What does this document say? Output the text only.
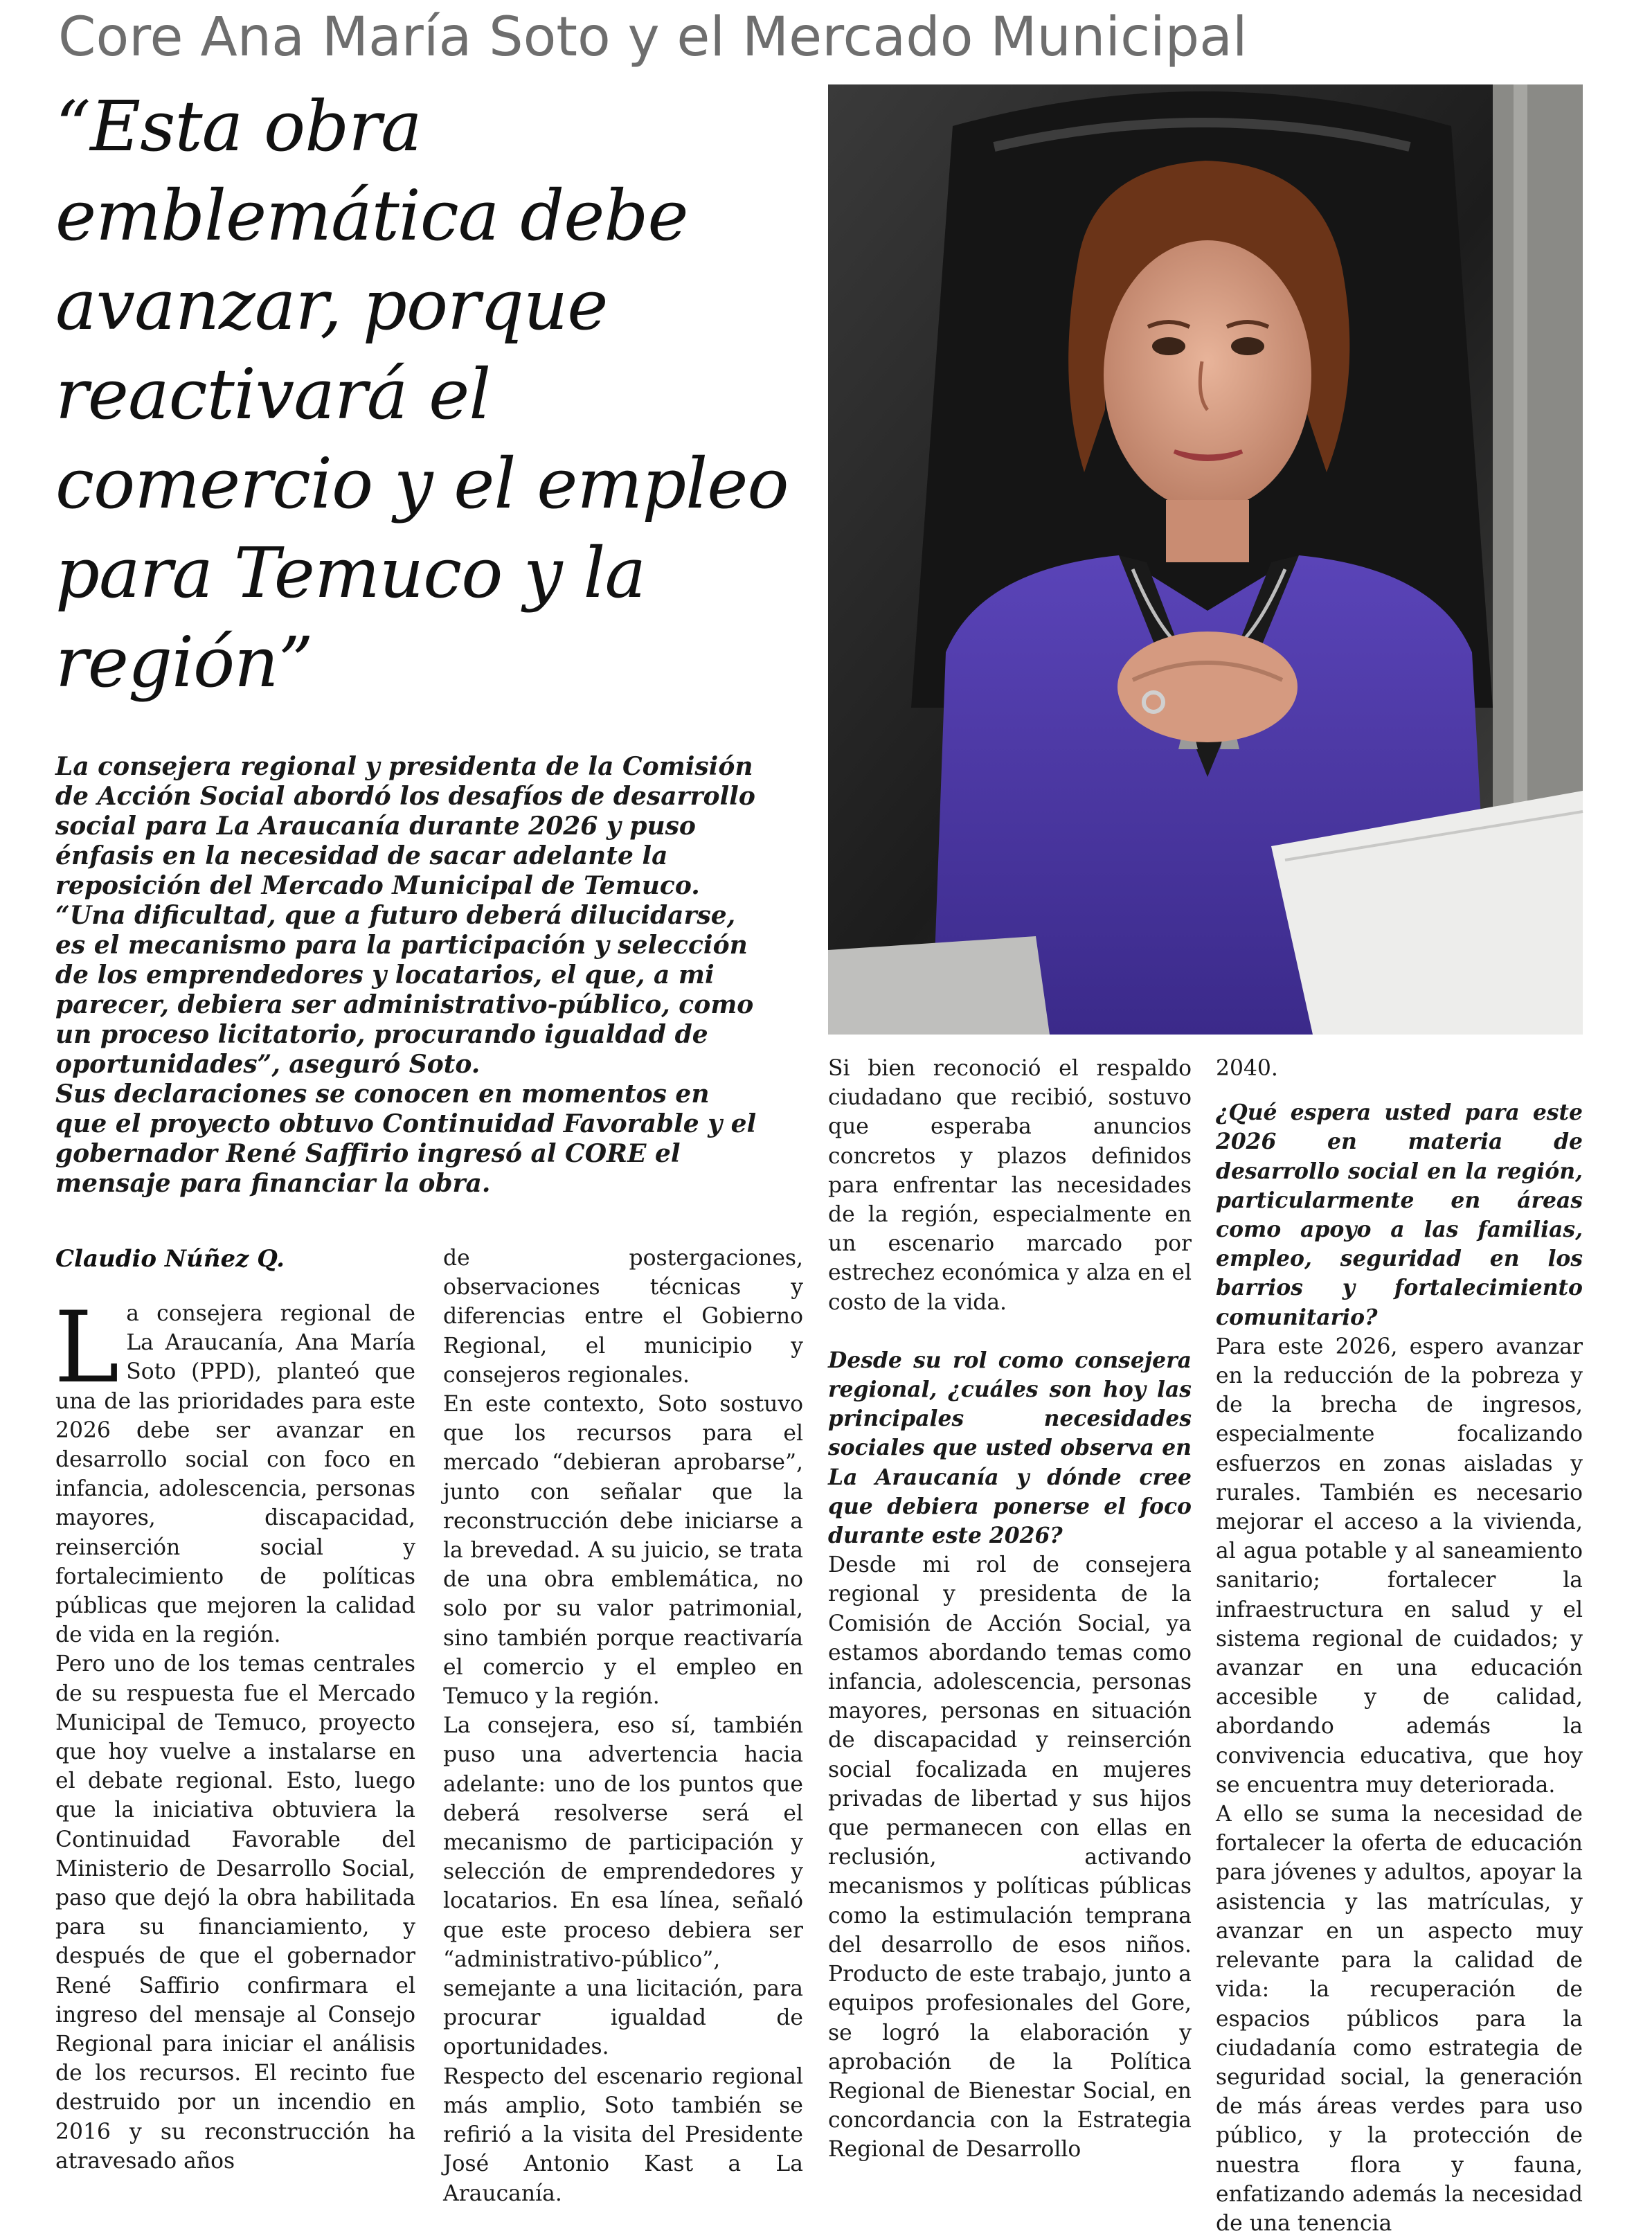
Core Ana María Soto y el Mercado Municipal
“Esta obra
emblemática debe
avanzar, porque
reactivará el
comercio y el empleo
para Temuco y la
región”

La consejera regional y presidenta de la Comisión de Acción Social abordó los desafíos de desarrollo social para La Araucanía durante 2026 y puso énfasis en la necesidad de sacar adelante la reposición del Mercado Municipal de Temuco.

“Una dificultad, que a futuro deberá dilucidarse, es el mecanismo para la participación y selección de los emprendedores y locatarios, el que, a mi parecer, debiera ser administrativo-público, como un proceso licitatorio, procurando igualdad de oportunidades”, aseguró Soto.

Sus declaraciones se conocen en momentos en que el proyecto obtuvo Continuidad Favorable y el gobernador René Saffirio ingresó al CORE el mensaje para financiar la obra.

Claudio Núñez Q.

La consejera regional de La Araucanía, Ana María Soto (PPD), planteó que una de las prioridades para este 2026 debe ser avanzar en desarrollo social con foco en infancia, adolescencia, personas mayores, discapacidad, reinserción social y fortalecimiento de políticas públicas que mejoren la calidad de vida en la región.

Pero uno de los temas centrales de su respuesta fue el Mercado Municipal de Temuco, proyecto que hoy vuelve a instalarse en el debate regional. Esto, luego que la iniciativa obtuviera la Continuidad Favorable del Ministerio de Desarrollo Social, paso que dejó la obra habilitada para su financiamiento, y después de que el gobernador René Saffirio confirmara el ingreso del mensaje al Consejo Regional para iniciar el análisis de los recursos. El recinto fue destruido por un incendio en 2016 y su reconstrucción ha atravesado años

de postergaciones, observaciones técnicas y diferencias entre el Gobierno Regional, el municipio y consejeros regionales.

En este contexto, Soto sostuvo que los recursos para el mercado “debieran aprobarse”, junto con señalar que la reconstrucción debe iniciarse a la brevedad. A su juicio, se trata de una obra emblemática, no solo por su valor patrimonial, sino también porque reactivaría el comercio y el empleo en Temuco y la región.

La consejera, eso sí, también puso una advertencia hacia adelante: uno de los puntos que deberá resolverse será el mecanismo de participación y selección de emprendedores y locatarios. En esa línea, señaló que este proceso debiera ser “administrativo-público”, semejante a una licitación, para procurar igualdad de oportunidades.

Respecto del escenario regional más amplio, Soto también se refirió a la visita del Presidente José Antonio Kast a La Araucanía.

Si bien reconoció el respaldo ciudadano que recibió, sostuvo que esperaba anuncios concretos y plazos definidos para enfrentar las necesidades de la región, especialmente en un escenario marcado por estrechez económica y alza en el costo de la vida.

Desde su rol como consejera regional, ¿cuáles son hoy las principales necesidades sociales que usted observa en La Araucanía y dónde cree que debiera ponerse el foco durante este 2026?

Desde mi rol de consejera regional y presidenta de la Comisión de Acción Social, ya estamos abordando temas como infancia, adolescencia, personas mayores, personas en situación de discapacidad y reinserción social focalizada en mujeres privadas de libertad y sus hijos que permanecen con ellas en reclusión, activando mecanismos y políticas públicas como la estimulación temprana del desarrollo de esos niños. Producto de este trabajo, junto a equipos profesionales del Gore, se logró la elaboración y aprobación de la Política Regional de Bienestar Social, en concordancia con la Estrategia Regional de Desarrollo

2040.

¿Qué espera usted para este 2026 en materia de desarrollo social en la región, particularmente en áreas como apoyo a las familias, empleo, seguridad en los barrios y fortalecimiento comunitario?

Para este 2026, espero avanzar en la reducción de la pobreza y de la brecha de ingresos, especialmente focalizando esfuerzos en zonas aisladas y rurales. También es necesario mejorar el acceso a la vivienda, al agua potable y al saneamiento sanitario; fortalecer la infraestructura en salud y el sistema regional de cuidados; y avanzar en una educación accesible y de calidad, abordando además la convivencia educativa, que hoy se encuentra muy deteriorada.

A ello se suma la necesidad de fortalecer la oferta de educación para jóvenes y adultos, apoyar la asistencia y las matrículas, y avanzar en un aspecto muy relevante para la calidad de vida: la recuperación de espacios públicos para la ciudadanía como estrategia de seguridad social, la generación de más áreas verdes para uso público, y la protección de nuestra flora y fauna, enfatizando además la necesidad de una tenencia
